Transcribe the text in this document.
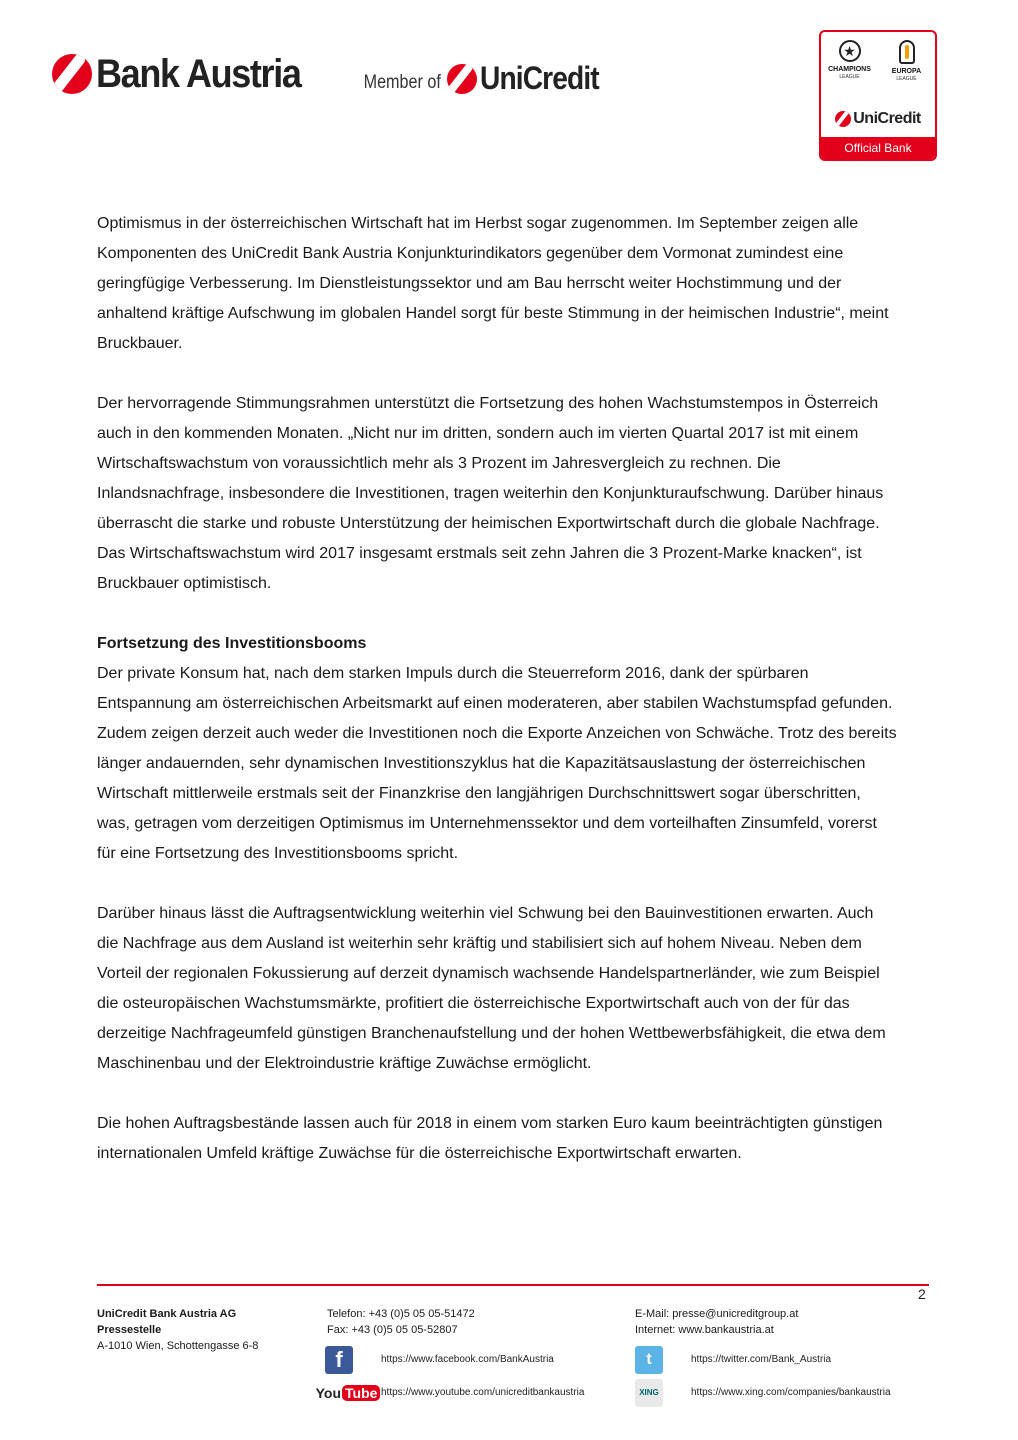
Bank Austria	Member of UniCredit
★	CHAMPIONS
LEAGUE
EUROPA
LEAGUE
UniCredit
Official Bank

Optimismus in der österreichischen Wirtschaft hat im Herbst sogar zugenommen. Im September zeigen alle Komponenten des UniCredit Bank Austria Konjunkturindikators gegenüber dem Vormonat zumindest eine geringfügige Verbesserung. Im Dienstleistungssektor und am Bau herrscht weiter Hochstimmung und der anhaltend kräftige Aufschwung im globalen Handel sorgt für beste Stimmung in der heimischen Industrie“, meint Bruckbauer.

Der hervorragende Stimmungsrahmen unterstützt die Fortsetzung des hohen Wachstumstempos in Österreich auch in den kommenden Monaten. „Nicht nur im dritten, sondern auch im vierten Quartal 2017 ist mit einem Wirtschaftswachstum von voraussichtlich mehr als 3 Prozent im Jahresvergleich zu rechnen. Die Inlandsnachfrage, insbesondere die Investitionen, tragen weiterhin den Konjunkturaufschwung. Darüber hinaus überrascht die starke und robuste Unterstützung der heimischen Exportwirtschaft durch die globale Nachfrage. Das Wirtschaftswachstum wird 2017 insgesamt erstmals seit zehn Jahren die 3 Prozent-Marke knacken“, ist Bruckbauer optimistisch.

Fortsetzung des Investitionsbooms

Der private Konsum hat, nach dem starken Impuls durch die Steuerreform 2016, dank der spürbaren Entspannung am österreichischen Arbeitsmarkt auf einen moderateren, aber stabilen Wachstumspfad gefunden. Zudem zeigen derzeit auch weder die Investitionen noch die Exporte Anzeichen von Schwäche. Trotz des bereits länger andauernden, sehr dynamischen Investitionszyklus hat die Kapazitätsauslastung der österreichischen Wirtschaft mittlerweile erstmals seit der Finanzkrise den langjährigen Durchschnittswert sogar überschritten, was, getragen vom derzeitigen Optimismus im Unternehmenssektor und dem vorteilhaften Zinsumfeld, vorerst für eine Fortsetzung des Investitionsbooms spricht.

Darüber hinaus lässt die Auftragsentwicklung weiterhin viel Schwung bei den Bauinvestitionen erwarten. Auch die Nachfrage aus dem Ausland ist weiterhin sehr kräftig und stabilisiert sich auf hohem Niveau. Neben dem Vorteil der regionalen Fokussierung auf derzeit dynamisch wachsende Handelspartnerländer, wie zum Beispiel die osteuropäischen Wachstumsmärkte, profitiert die österreichische Exportwirtschaft auch von der für das derzeitige Nachfrageumfeld günstigen Branchenaufstellung und der hohen Wettbewerbsfähigkeit, die etwa dem Maschinenbau und der Elektroindustrie kräftige Zuwächse ermöglicht.

Die hohen Auftragsbestände lassen auch für 2018 in einem vom starken Euro kaum beeinträchtigten günstigen internationalen Umfeld kräftige Zuwächse für die österreichische Exportwirtschaft erwarten.

2
UniCredit Bank Austria AG
Pressestelle
A-1010 Wien, Schottengasse 6-8
Telefon: +43 (0)5 05 05-51472
Fax: +43 (0)5 05 05-52807
E-Mail: presse@unicreditgroup.at
Internet: www.bankaustria.at
f	https://www.facebook.com/BankAustria
You Tube https://www.youtube.com/unicreditbankaustria
t	https://twitter.com/Bank_Austria
XING	https://www.xing.com/companies/bankaustria
